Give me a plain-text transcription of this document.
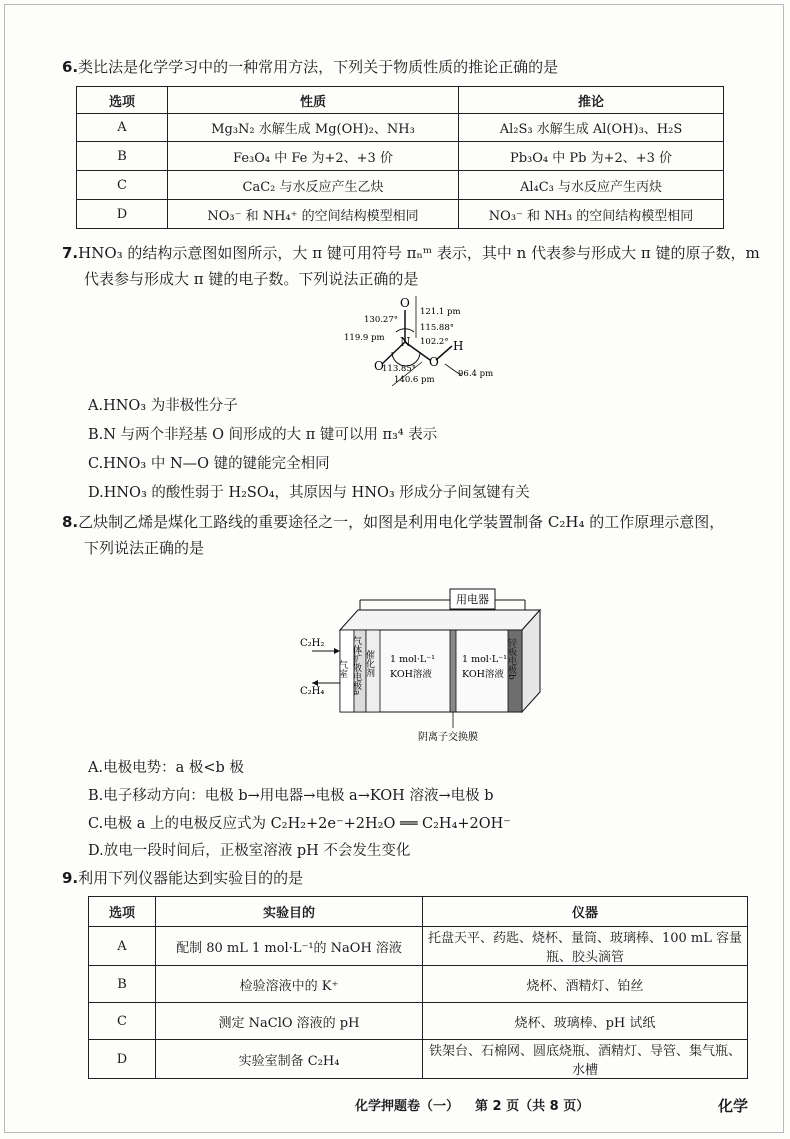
6.类比法是化学学习中的一种常用方法，下列关于物质性质的推论正确的是
选项	性质	推论
A	Mg₃N₂ 水解生成 Mg(OH)₂、NH₃	Al₂S₃ 水解生成 Al(OH)₃、H₂S
B	Fe₃O₄ 中 Fe 为+2、+3 价	Pb₃O₄ 中 Pb 为+2、+3 价
C	CaC₂ 与水反应产生乙炔	Al₄C₃ 与水反应产生丙炔
D	NO₃⁻ 和 NH₄⁺ 的空间结构模型相同	NO₃⁻ 和 NH₃ 的空间结构模型相同
7.HNO₃ 的结构示意图如图所示，大 π 键可用符号 πₙᵐ 表示，其中 n 代表参与形成大 π 键的原子数，m
代表参与形成大 π 键的电子数。下列说法正确的是
O
N
O	O
H
121.1 pm
130.27°
115.88°
119.9 pm	102.2°
113.85°
140.6 pm
96.4 pm
A.HNO₃ 为非极性分子
B.N 与两个非羟基 O 间形成的大 π 键可以用 π₃⁴ 表示
C.HNO₃ 中 N—O 键的键能完全相同
D.HNO₃ 的酸性弱于 H₂SO₄，其原因与 HNO₃ 形成分子间氢键有关
8.乙炔制乙烯是煤化工路线的重要途径之一，如图是利用电化学装置制备 C₂H₄ 的工作原理示意图，
下列说法正确的是
用电器
C₂H₂
C₂H₄
气室 气体扩散电极a 催化剂 1 mol·L⁻¹
KOH溶液
1 mol·L⁻¹
KOH溶液 锌板电极b
阴离子交换膜
A.电极电势：a 极<b 极
B.电子移动方向：电极 b→用电器→电极 a→KOH 溶液→电极 b
C.电极 a 上的电极反应式为 C₂H₂+2e⁻+2H₂O ══ C₂H₄+2OH⁻
D.放电一段时间后，正极室溶液 pH 不会发生变化
9.利用下列仪器能达到实验目的的是
选项	实验目的	仪器
A	配制 80 mL 1 mol·L⁻¹的 NaOH 溶液	托盘天平、药匙、烧杯、量筒、玻璃棒、100 mL 容量瓶、胶头滴管
B	检验溶液中的 K⁺	烧杯、酒精灯、铂丝
C	测定 NaClO 溶液的 pH	烧杯、玻璃棒、pH 试纸
D	实验室制备 C₂H₄	铁架台、石棉网、圆底烧瓶、酒精灯、导管、集气瓶、水槽
化学押题卷（一） 第 2 页（共 8 页）	化学
